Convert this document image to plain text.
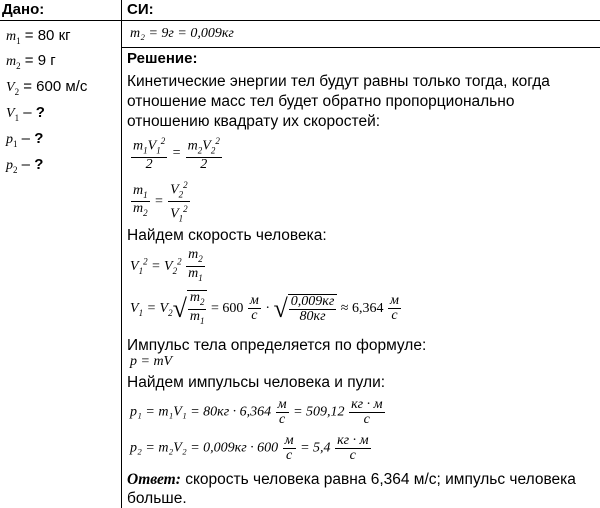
Дано:
$m_1 = 80$ кг
$m_2 = 9$ г
$V_2 = 600$ м/с
$V_1$ – ?
$p_1$ – ?
$p_2$ – ?
СИ:
m₂ = 9г = 0,009кг
Решение:
Кинетические энергии тел будут равны только тогда, когда
отношение масс тел будет обратно пропорционально
отношению квадрату их скоростей:
$\frac{m_1V_1^2}{2} = \frac{m_2V_2^2}{2}$
$\frac{m_1}{m_2} = \frac{V_2^2}{V_1^2}$
Найдем скорость человека:
$V_1^2 = V_2^2 \frac{m_2}{m_1}$
$V_1 = V_2√ \frac{m_2}{m_1} = 600 \frac{м}{с}$ · √ $\frac{0,009кг}{80кг} \approx 6,364 \frac{м}{с}$
Импульс тела определяется по формуле:
p = mV
Найдем импульсы человека и пули:
$p_1 = m_1V_1 = 80кг \cdot 6,364 \frac{м}{с} = 509,12 \frac{кг \cdot м}{с}$
$p_2 = m_2V_2 = 0,009кг \cdot 600 \frac{м}{с} = 5,4 \frac{кг \cdot м}{с}$
Ответ: скорость человека равна 6,364 м/с; импульс человека
больше.
